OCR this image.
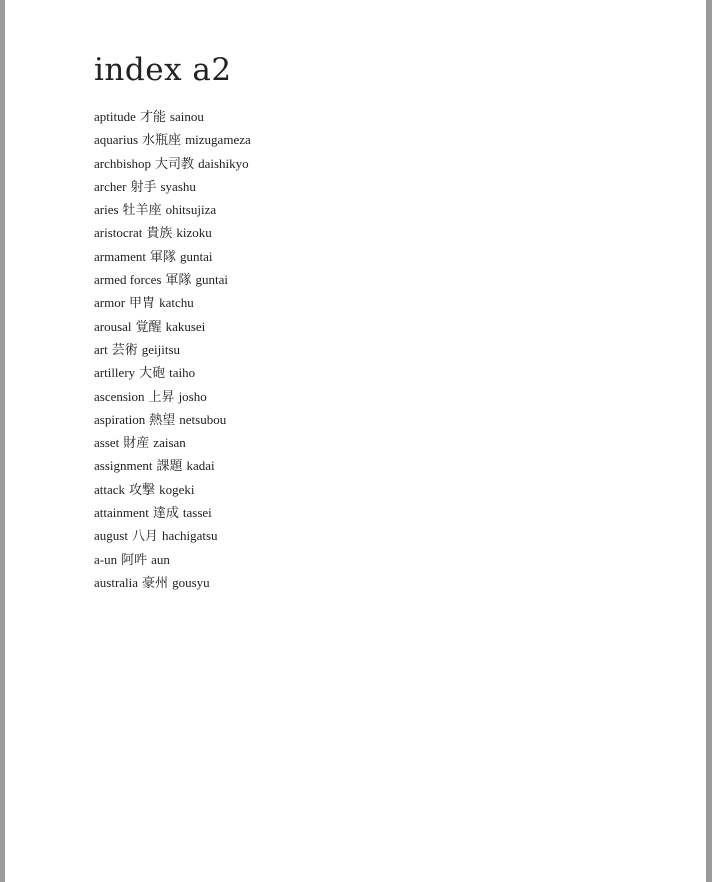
index a2
aptitude 才能 sainou
aquarius 水瓶座 mizugameza
archbishop 大司教 daishikyo
archer 射手 syashu
aries 牡羊座 ohitsujiza
aristocrat 貴族 kizoku
armament 軍隊 guntai
armed forces 軍隊 guntai
armor 甲冑 katchu
arousal 覚醒 kakusei
art 芸術 geijitsu
artillery 大砲 taiho
ascension 上昇 josho
aspiration 熱望 netsubou
asset 財産 zaisan
assignment 課題 kadai
attack 攻撃 kogeki
attainment 達成 tassei
august 八月 hachigatsu
a-un 阿吽 aun
australia 豪州 gousyu
